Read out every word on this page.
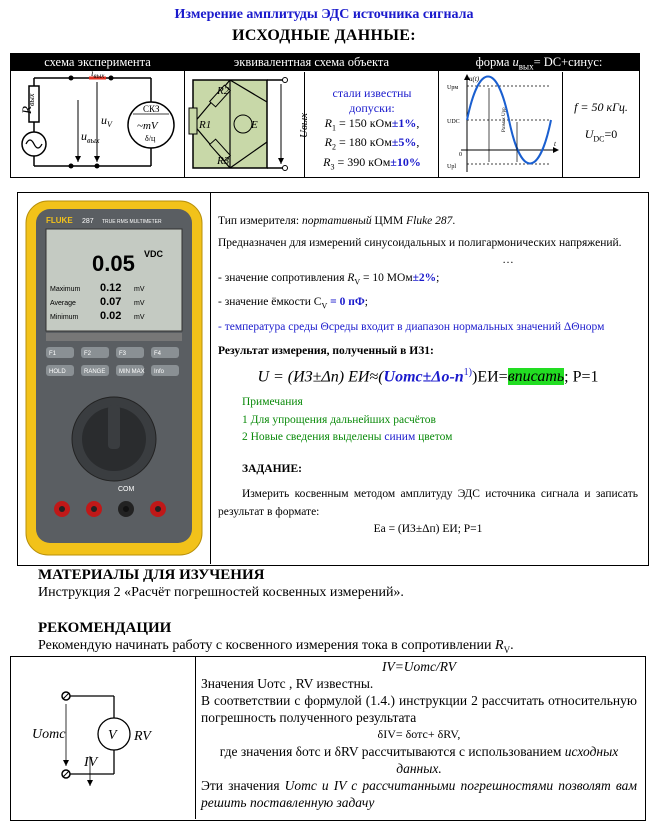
Измерение амплитуды ЭДС источника сигнала
ИСХОДНЫЕ ДАННЫЕ:
схема эксперимента	эквивалентная схема объекта	форма $u_{вых}=$ DC+синус:
$R_{вых}$
$i_{вых}$
$u_V$
$u_{вых}$
СКЗ
~mV
δ/ц
R2
R1
R3
E	Uвых
стали известны
допуски:
$R_1 = 150$ кОм±1%,
$R_2 = 180$ кОм±5%,
$R_3 = 390$ кОм±10%
u(t)
Upм
UDC
0
Upl
t
Размах Upp
f = 50 кГц.
$U_{DC}=0$
FLUKE 287 TRUE RMS MULTIMETER
0.05 VDC
Maximum 0.12 mV
Average 0.07 mV
Minimum 0.02 mV
F1	F2	F3	F4
HOLD	RANGE MIN MAX Info
COM

Тип измерителя: портативный ЦММ Fluke 287.

Предназначен для измерений синусоидальных и полигармонических напряжений.

…

- значение сопротивления $R_V = 10$ МОм±2%;

- значение ёмкости $С_V = 0$ пФ;

- температура среды Θсреды входит в диапазон нормальных значений ΔΘнорм

Результат измерения, полученный в ИЗ1:

U = (ИЗ±Δп) $ЕИ\approx(Uотс\pm\Delta о-п^{1)})ЕИ=вписать$; P=1

Примечания
1 Для упрощения дальнейших расчётов
2 Новые сведения выделены синим цветом

ЗАДАНИЕ:

Измерить косвенным методом амплитуду ЭДС источника сигнала и записать результат в формате:

Ea = (ИЗ±Δп) ЕИ; P=1

МАТЕРИАЛЫ ДЛЯ ИЗУЧЕНИЯ
Инструкция 2 «Расчёт погрешностей косвенных измерений».
РЕКОМЕНДАЦИИ
Рекомендую начинать работу с косвенного измерения тока в сопротивлении $R_V$.
Uотс	V RV
IV
IV=Uотс/RV
Значения Uотс , RV известны.
В соответствии с формулой (1.4.) инструкции 2 рассчитать относительную погрешность полученного результата
δIV= δотс+ δRV,
где значения δотс и δRV рассчитываются с использованием исходных данных.
Эти значения Uотс и IV с рассчитанными погрешностями позволят вам решить поставленную задачу
